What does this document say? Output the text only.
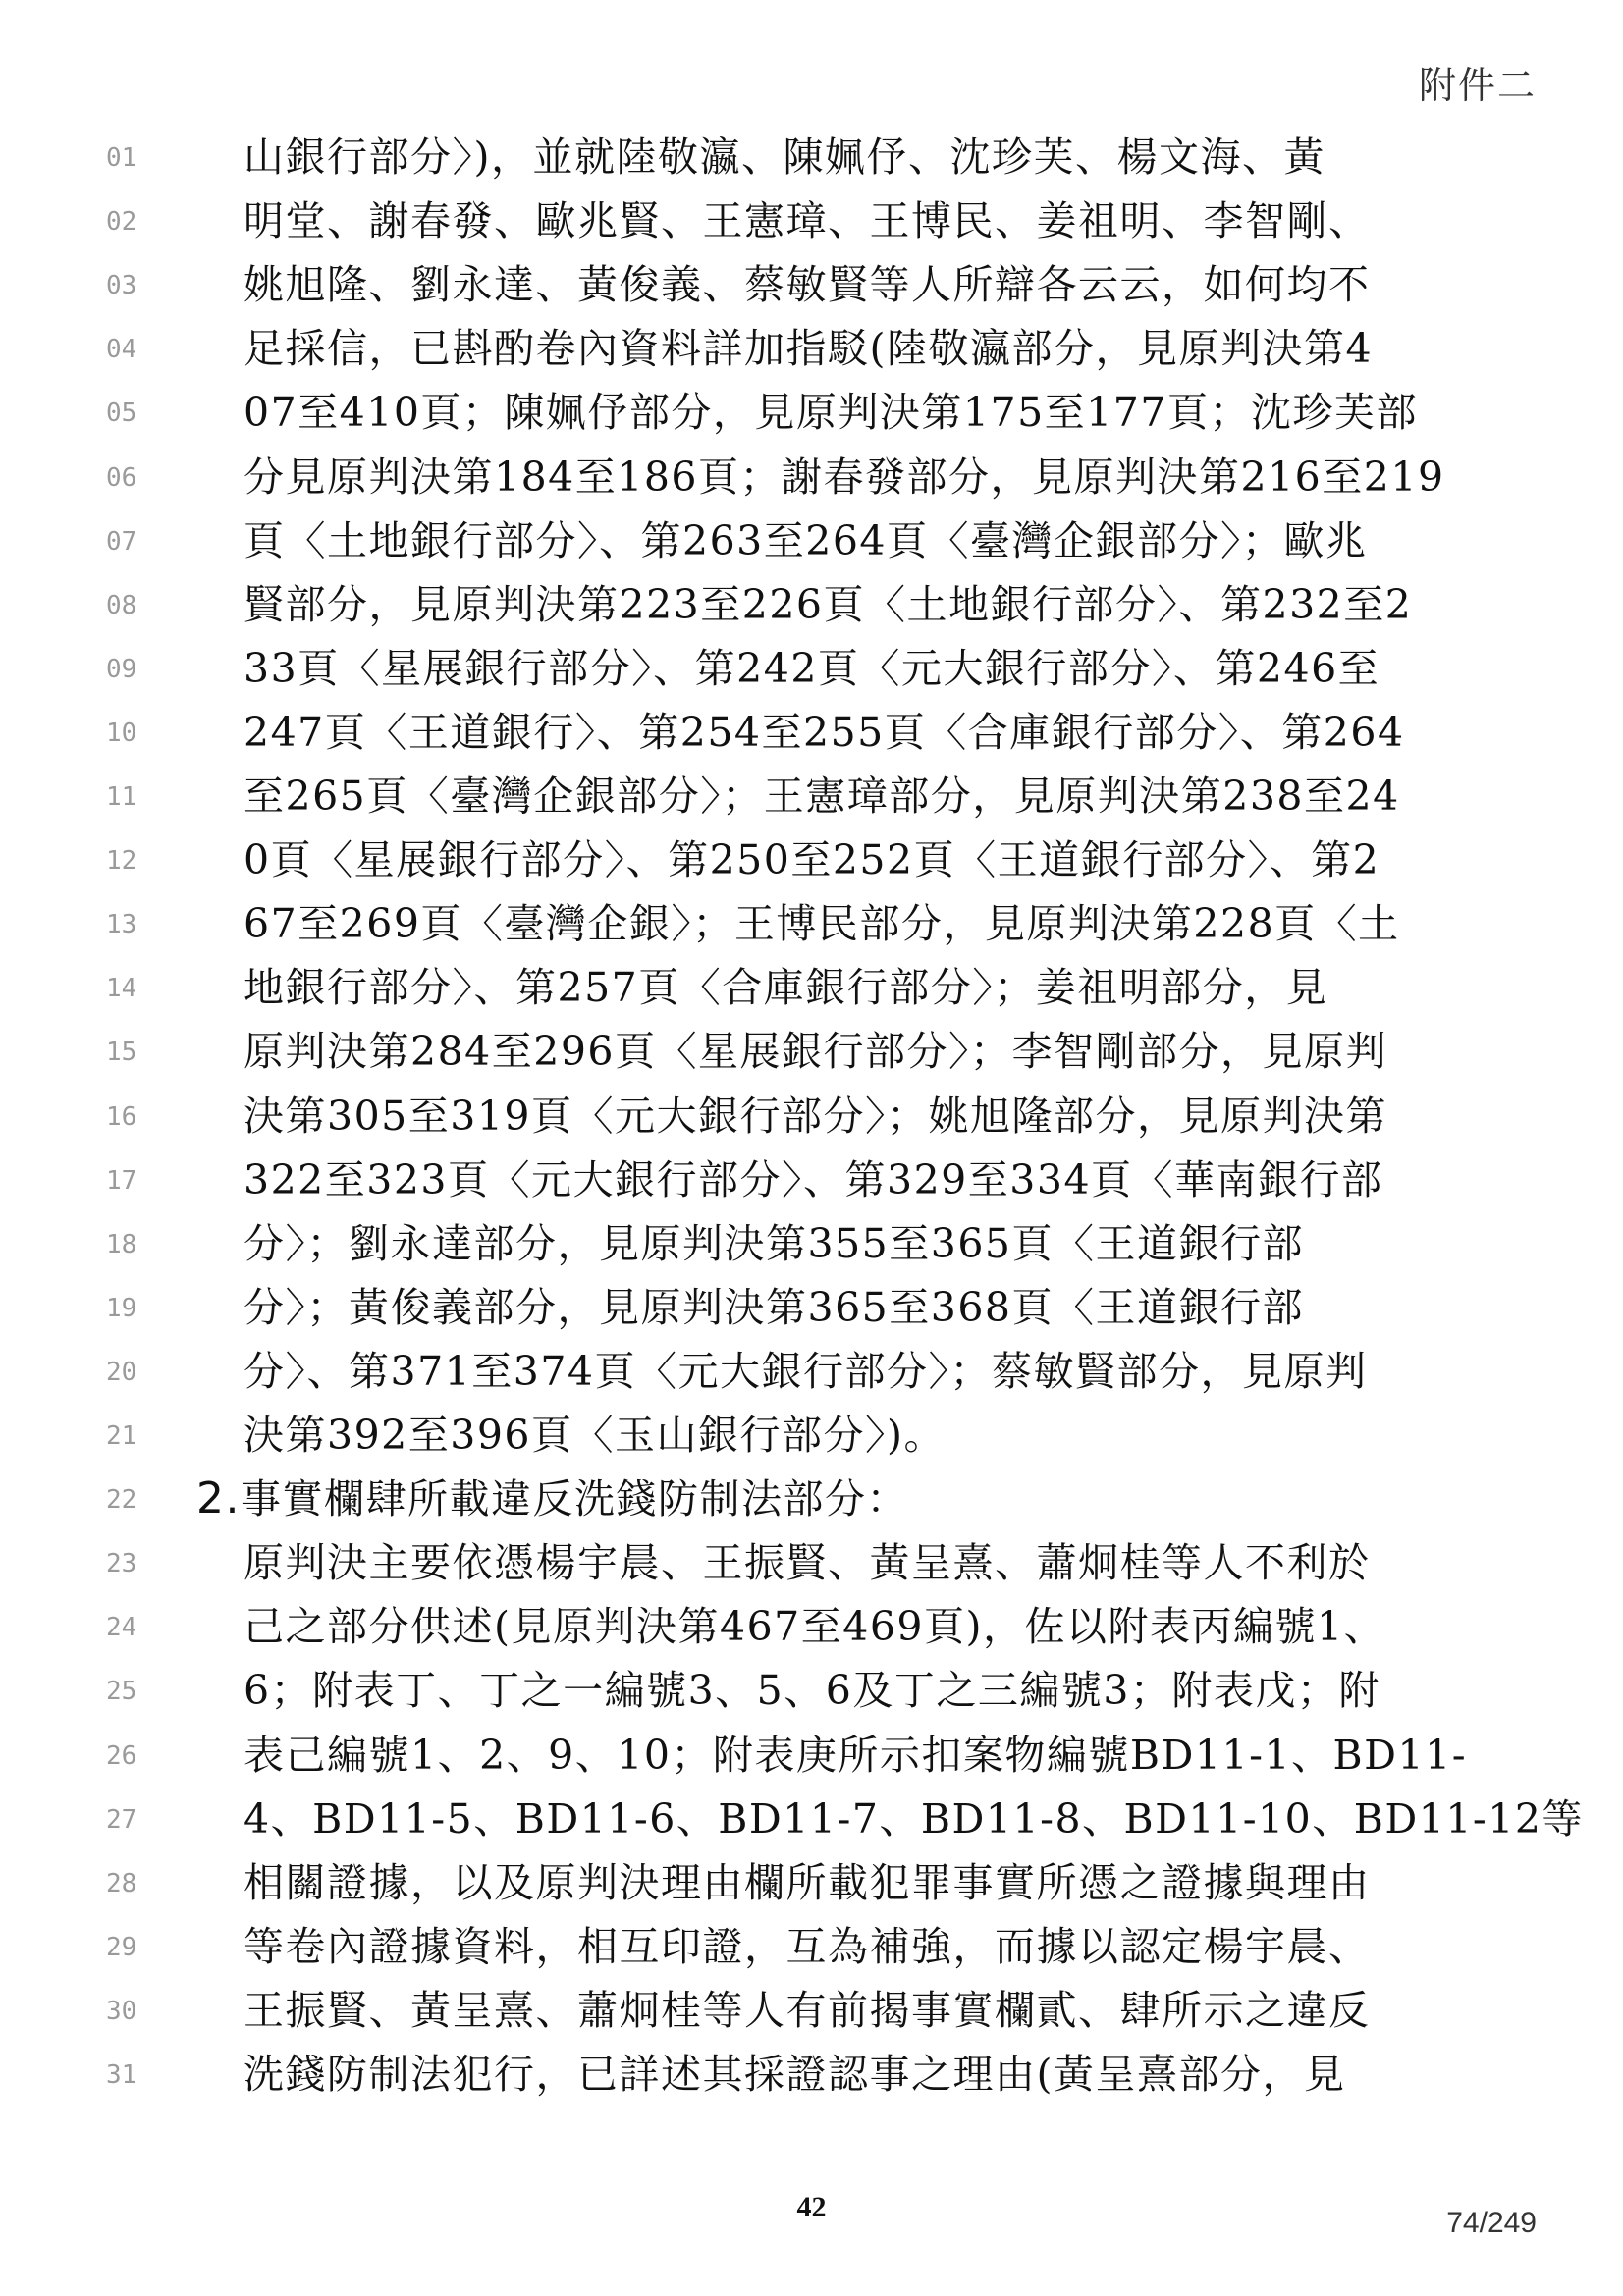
附件二
01	山銀行部分〉)，並就陸敬瀛、陳姵伃、沈珍芙、楊文海、黃
02	明堂、謝春發、歐兆賢、王憲璋、王博民、姜祖明、李智剛、
03	姚旭隆、劉永達、黃俊義、蔡敏賢等人所辯各云云，如何均不
04	足採信，已斟酌卷內資料詳加指駁(陸敬瀛部分，見原判決第4
05	07至410頁；陳姵伃部分，見原判決第175至177頁；沈珍芙部
06	分見原判決第184至186頁；謝春發部分，見原判決第216至219
07	頁〈土地銀行部分〉、第263至264頁〈臺灣企銀部分〉；歐兆
08	賢部分，見原判決第223至226頁〈土地銀行部分〉、第232至2
09	33頁〈星展銀行部分〉、第242頁〈元大銀行部分〉、第246至
10	247頁〈王道銀行〉、第254至255頁〈合庫銀行部分〉、第264
11	至265頁〈臺灣企銀部分〉；王憲璋部分，見原判決第238至24
12	0頁〈星展銀行部分〉、第250至252頁〈王道銀行部分〉、第2
13	67至269頁〈臺灣企銀〉；王博民部分，見原判決第228頁〈土
14	地銀行部分〉、第257頁〈合庫銀行部分〉；姜祖明部分，見
15	原判決第284至296頁〈星展銀行部分〉；李智剛部分，見原判
16	決第305至319頁〈元大銀行部分〉；姚旭隆部分，見原判決第
17	322至323頁〈元大銀行部分〉、第329至334頁〈華南銀行部
18	分〉；劉永達部分，見原判決第355至365頁〈王道銀行部
19	分〉；黃俊義部分，見原判決第365至368頁〈王道銀行部
20	分〉、第371至374頁〈元大銀行部分〉；蔡敏賢部分，見原判
21	決第392至396頁〈玉山銀行部分〉)。
22	2.事實欄肆所載違反洗錢防制法部分：
23	原判決主要依憑楊宇晨、王振賢、黃呈熹、蕭炯桂等人不利於
24	己之部分供述(見原判決第467至469頁)，佐以附表丙編號1、
25	6；附表丁、丁之一編號3、5、6及丁之三編號3；附表戊；附
26	表己編號1、2、9、10；附表庚所示扣案物編號BD11-1、BD11-
27	4、BD11-5、BD11-6、BD11-7、BD11-8、BD11-10、BD11-12等
28	相關證據，以及原判決理由欄所載犯罪事實所憑之證據與理由
29	等卷內證據資料，相互印證，互為補強，而據以認定楊宇晨、
30	王振賢、黃呈熹、蕭炯桂等人有前揭事實欄貳、肆所示之違反
31	洗錢防制法犯行，已詳述其採證認事之理由(黃呈熹部分，見
42	74/249
